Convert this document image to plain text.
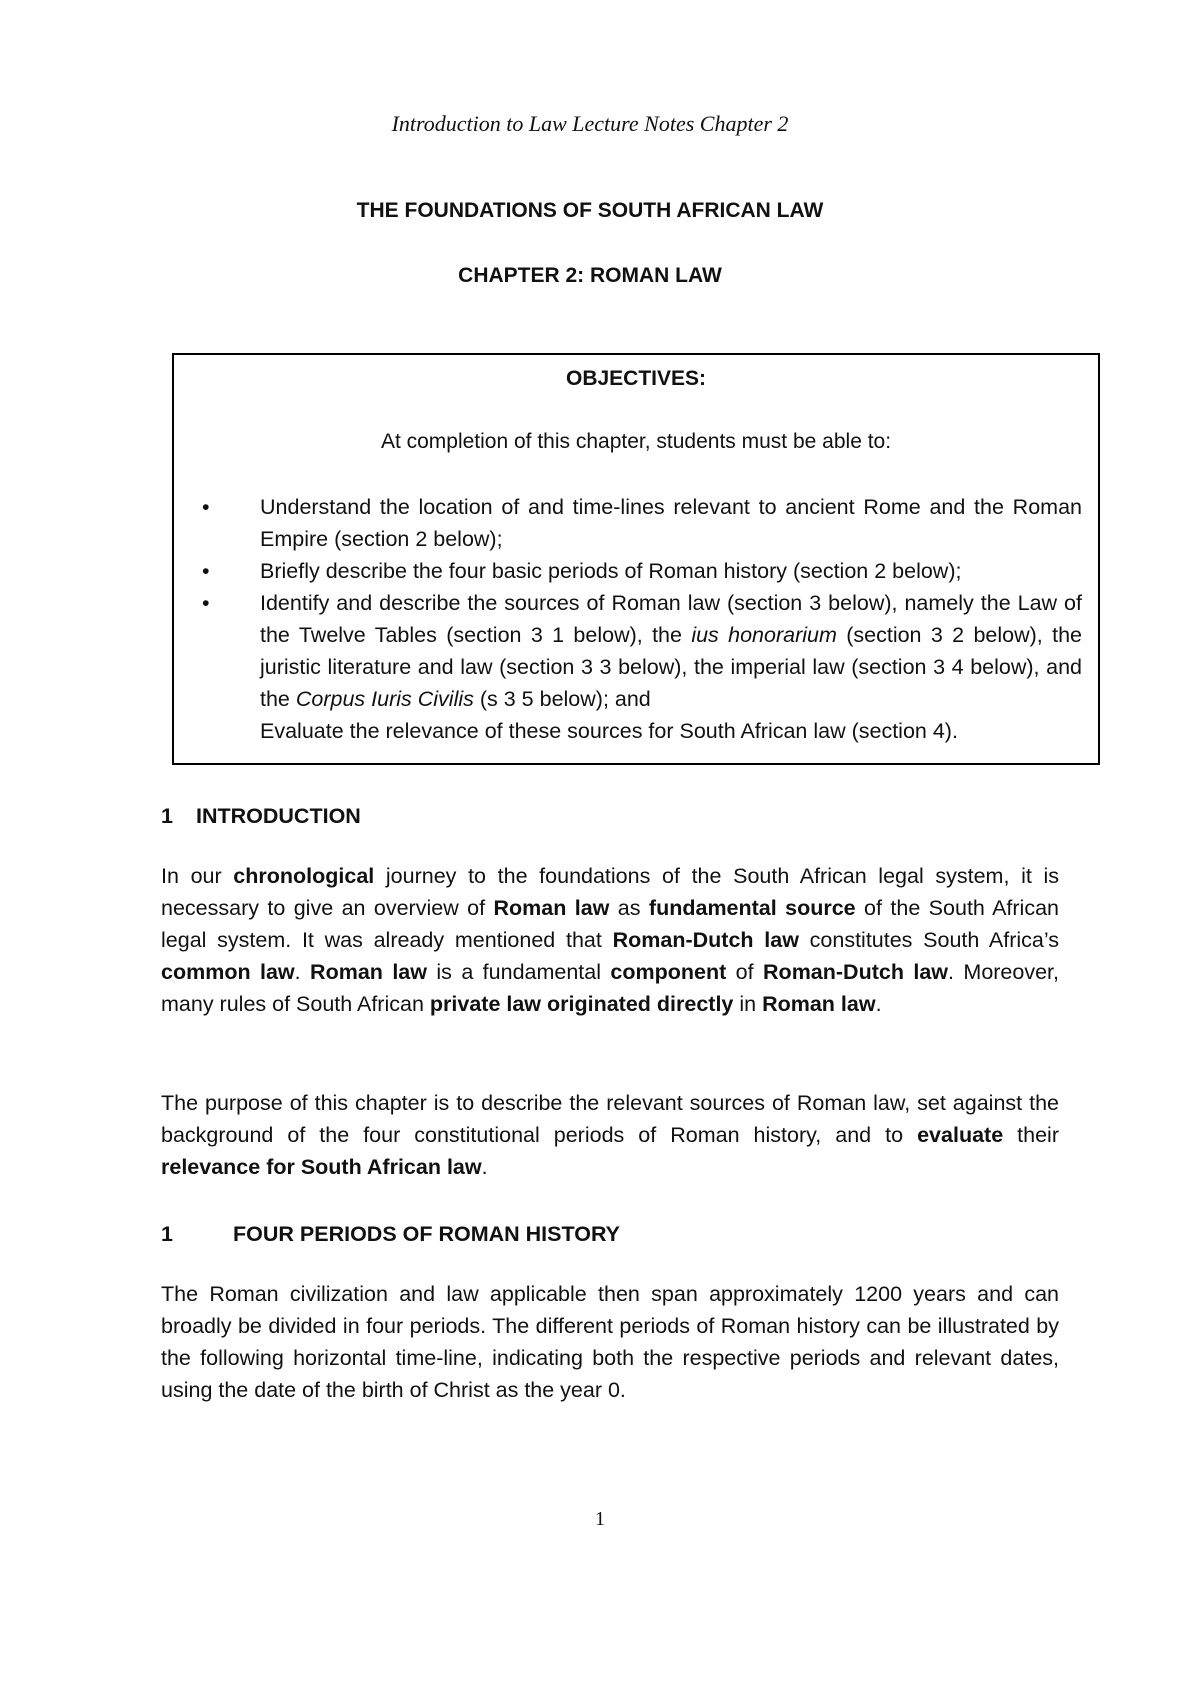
Introduction to Law Lecture Notes Chapter 2
THE FOUNDATIONS OF SOUTH AFRICAN LAW
CHAPTER 2: ROMAN LAW
OBJECTIVES:
At completion of this chapter, students must be able to:
• Understand the location of and time-lines relevant to ancient Rome and the Roman Empire (section 2 below);
• Briefly describe the four basic periods of Roman history (section 2 below);
• Identify and describe the sources of Roman law (section 3 below), namely the Law of the Twelve Tables (section 3 1 below), the ius honorarium (section 3 2 below), the juristic literature and law (section 3 3 below), the imperial law (section 3 4 below), and the Corpus Iuris Civilis (s 3 5 below); and
Evaluate the relevance of these sources for South African law (section 4).
1 INTRODUCTION
In our chronological journey to the foundations of the South African legal system, it is necessary to give an overview of Roman law as fundamental source of the South African legal system. It was already mentioned that Roman-Dutch law constitutes South Africa’s common law. Roman law is a fundamental component of Roman-Dutch law. Moreover, many rules of South African private law originated directly in Roman law.
The purpose of this chapter is to describe the relevant sources of Roman law, set against the background of the four constitutional periods of Roman history, and to evaluate their relevance for South African law.
1	FOUR PERIODS OF ROMAN HISTORY
The Roman civilization and law applicable then span approximately 1200 years and can broadly be divided in four periods. The different periods of Roman history can be illustrated by the following horizontal time-line, indicating both the respective periods and relevant dates, using the date of the birth of Christ as the year 0.
1
